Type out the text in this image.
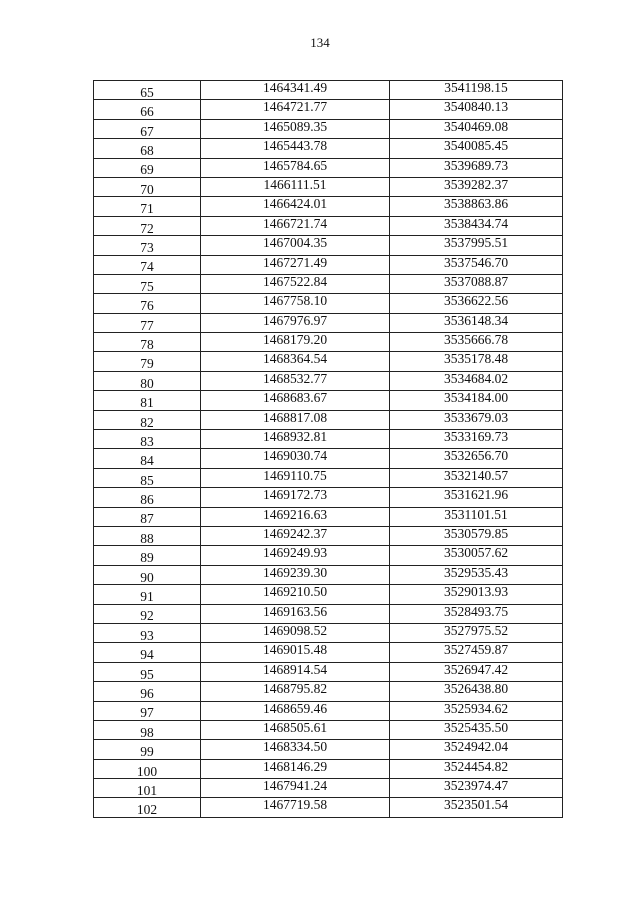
134
65	1464341.49	3541198.15
66	1464721.77	3540840.13
67	1465089.35	3540469.08
68	1465443.78	3540085.45
69	1465784.65	3539689.73
70	1466111.51	3539282.37
71	1466424.01	3538863.86
72	1466721.74	3538434.74
73	1467004.35	3537995.51
74	1467271.49	3537546.70
75	1467522.84	3537088.87
76	1467758.10	3536622.56
77	1467976.97	3536148.34
78	1468179.20	3535666.78
79	1468364.54	3535178.48
80	1468532.77	3534684.02
81	1468683.67	3534184.00
82	1468817.08	3533679.03
83	1468932.81	3533169.73
84	1469030.74	3532656.70
85	1469110.75	3532140.57
86	1469172.73	3531621.96
87	1469216.63	3531101.51
88	1469242.37	3530579.85
89	1469249.93	3530057.62
90	1469239.30	3529535.43
91	1469210.50	3529013.93
92	1469163.56	3528493.75
93	1469098.52	3527975.52
94	1469015.48	3527459.87
95	1468914.54	3526947.42
96	1468795.82	3526438.80
97	1468659.46	3525934.62
98	1468505.61	3525435.50
99	1468334.50	3524942.04
100	1468146.29	3524454.82
101	1467941.24	3523974.47
102	1467719.58	3523501.54
